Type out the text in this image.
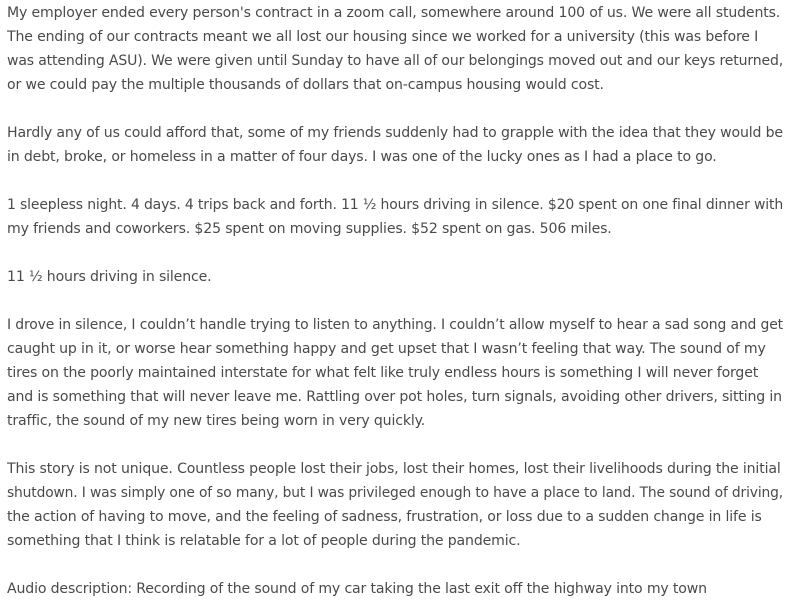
My employer ended every person's contract in a zoom call, somewhere around 100 of us. We were all students.
The ending of our contracts meant we all lost our housing since we worked for a university (this was before I
was attending ASU). We were given until Sunday to have all of our belongings moved out and our keys returned,
or we could pay the multiple thousands of dollars that on-campus housing would cost.

Hardly any of us could afford that, some of my friends suddenly had to grapple with the idea that they would be
in debt, broke, or homeless in a matter of four days. I was one of the lucky ones as I had a place to go.

1 sleepless night. 4 days. 4 trips back and forth. 11 ½ hours driving in silence. $20 spent on one final dinner with
my friends and coworkers. $25 spent on moving supplies. $52 spent on gas. 506 miles.

11 ½ hours driving in silence.

I drove in silence, I couldn’t handle trying to listen to anything. I couldn’t allow myself to hear a sad song and get
caught up in it, or worse hear something happy and get upset that I wasn’t feeling that way. The sound of my
tires on the poorly maintained interstate for what felt like truly endless hours is something I will never forget
and is something that will never leave me. Rattling over pot holes, turn signals, avoiding other drivers, sitting in
traffic, the sound of my new tires being worn in very quickly.

This story is not unique. Countless people lost their jobs, lost their homes, lost their livelihoods during the initial
shutdown. I was simply one of so many, but I was privileged enough to have a place to land. The sound of driving,
the action of having to move, and the feeling of sadness, frustration, or loss due to a sudden change in life is
something that I think is relatable for a lot of people during the pandemic.

Audio description: Recording of the sound of my car taking the last exit off the highway into my town
